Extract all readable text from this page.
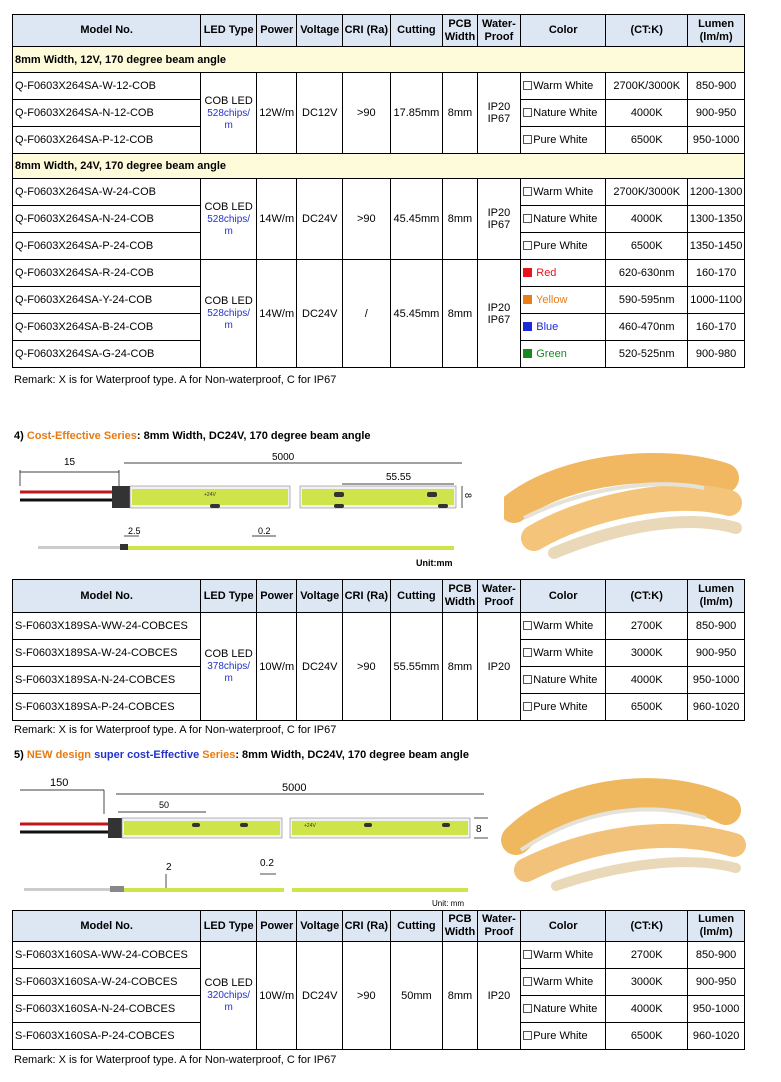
Model No.	LED Type	Power	Voltage	CRI (Ra)	Cutting	PCB
Width	Water-
Proof	Color	(CT:K)	Lumen
(lm/m)
8mm Width, 12V, 170 degree beam angle										
Q-F0603X264SA-W-12-COB	COB LED
528chips/
m	12W/m	DC12V	>90	17.85mm	8mm	IP20
IP67	Warm White	2700K/3000K	850-900
Q-F0603X264SA-N-12-COB								Nature White	4000K	900-950
Q-F0603X264SA-P-12-COB								Pure White	6500K	950-1000
8mm Width, 24V, 170 degree beam angle										
Q-F0603X264SA-W-24-COB	COB LED
528chips/
m	14W/m	DC24V	>90	45.45mm	8mm	IP20
IP67	Warm White	2700K/3000K	1200-1300
Q-F0603X264SA-N-24-COB								Nature White	4000K	1300-1350
Q-F0603X264SA-P-24-COB								Pure White	6500K	1350-1450
Q-F0603X264SA-R-24-COB	COB LED
528chips/
m	14W/m	DC24V	/	45.45mm	8mm	IP20
IP67	Red	620-630nm	160-170
Q-F0603X264SA-Y-24-COB								Yellow	590-595nm	1000-1100
Q-F0603X264SA-B-24-COB								Blue	460-470nm	160-170
Q-F0603X264SA-G-24-COB								Green	520-525nm	900-980
Remark: X is for Waterproof type. A for Non-waterproof, C for IP67
4) Cost-Effective Series: 8mm Width, DC24V, 170 degree beam angle
15	5000
55.55
+24V	8
2.5	0.2
Unit:mm
Model No.	LED Type	Power	Voltage	CRI (Ra)	Cutting	PCB
Width	Water-
Proof	Color	(CT:K)	Lumen
(lm/m)
S-F0603X189SA-WW-24-COBCES	COB LED
378chips/
m	10W/m	DC24V	>90	55.55mm	8mm	IP20	Warm White	2700K	850-900
S-F0603X189SA-W-24-COBCES								Warm White	3000K	900-950
S-F0603X189SA-N-24-COBCES								Nature White	4000K	950-1000
S-F0603X189SA-P-24-COBCES								Pure White	6500K	960-1020
Remark: X is for Waterproof type. A for Non-waterproof, C for IP67
5) NEW design super cost-Effective Series: 8mm Width, DC24V, 170 degree beam angle
150	5000
50
+24V	8
2	0.2
Unit: mm
Model No.	LED Type	Power	Voltage	CRI (Ra)	Cutting	PCB
Width	Water-
Proof	Color	(CT:K)	Lumen
(lm/m)
S-F0603X160SA-WW-24-COBCES	COB LED
320chips/
m	10W/m	DC24V	>90	50mm	8mm	IP20	Warm White	2700K	850-900
S-F0603X160SA-W-24-COBCES								Warm White	3000K	900-950
S-F0603X160SA-N-24-COBCES								Nature White	4000K	950-1000
S-F0603X160SA-P-24-COBCES								Pure White	6500K	960-1020
Remark: X is for Waterproof type. A for Non-waterproof, C for IP67
